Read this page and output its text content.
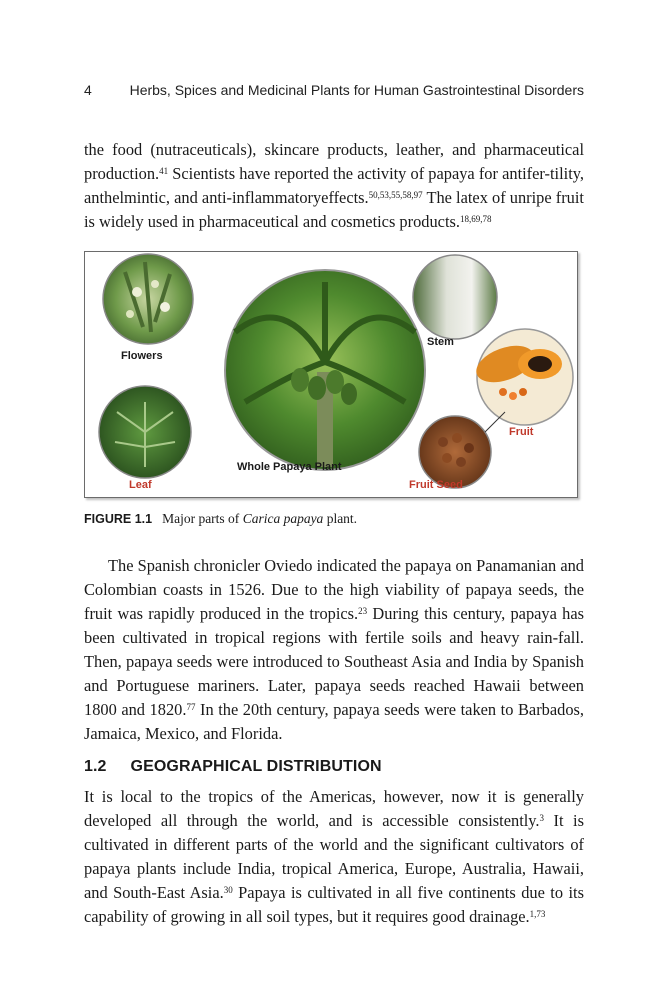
4	Herbs, Spices and Medicinal Plants for Human Gastrointestinal Disorders

the food (nutraceuticals), skincare products, leather, and pharmaceutical production.$^{41}$ Scientists have reported the activity of papaya for antifer-tility, anthelmintic, and anti-inflammatoryeffects.$^{50,53,55,58,97}$ The latex of unripe fruit is widely used in pharmaceutical and cosmetics products.$^{18,69,78}$

Flowers
Stem
Leaf
Whole Papaya Plant
Fruit
Fruit Seed
FIGURE 1.1 Major parts of Carica papaya plant.

The Spanish chronicler Oviedo indicated the papaya on Panamanian and Colombian coasts in 1526. Due to the high viability of papaya seeds, the fruit was rapidly produced in the tropics.$^{23}$ During this century, papaya has been cultivated in tropical regions with fertile soils and heavy rain-fall. Then, papaya seeds were introduced to Southeast Asia and India by Spanish and Portuguese mariners. Later, papaya seeds reached Hawaii between 1800 and 1820.77 In the 20th century, papaya seeds were taken to Barbados, Jamaica, Mexico, and Florida.

1.2 GEOGRAPHICAL DISTRIBUTION

It is local to the tropics of the Americas, however, now it is generally developed all through the world, and is accessible consistently.$^3$ It is cultivated in different parts of the world and the significant cultivators of papaya plants include India, tropical America, Europe, Australia, Hawaii, and South-East Asia.$^{30}$ Papaya is cultivated in all five continents due to its capability of growing in all soil types, but it requires good drainage.$^{1,73}$
